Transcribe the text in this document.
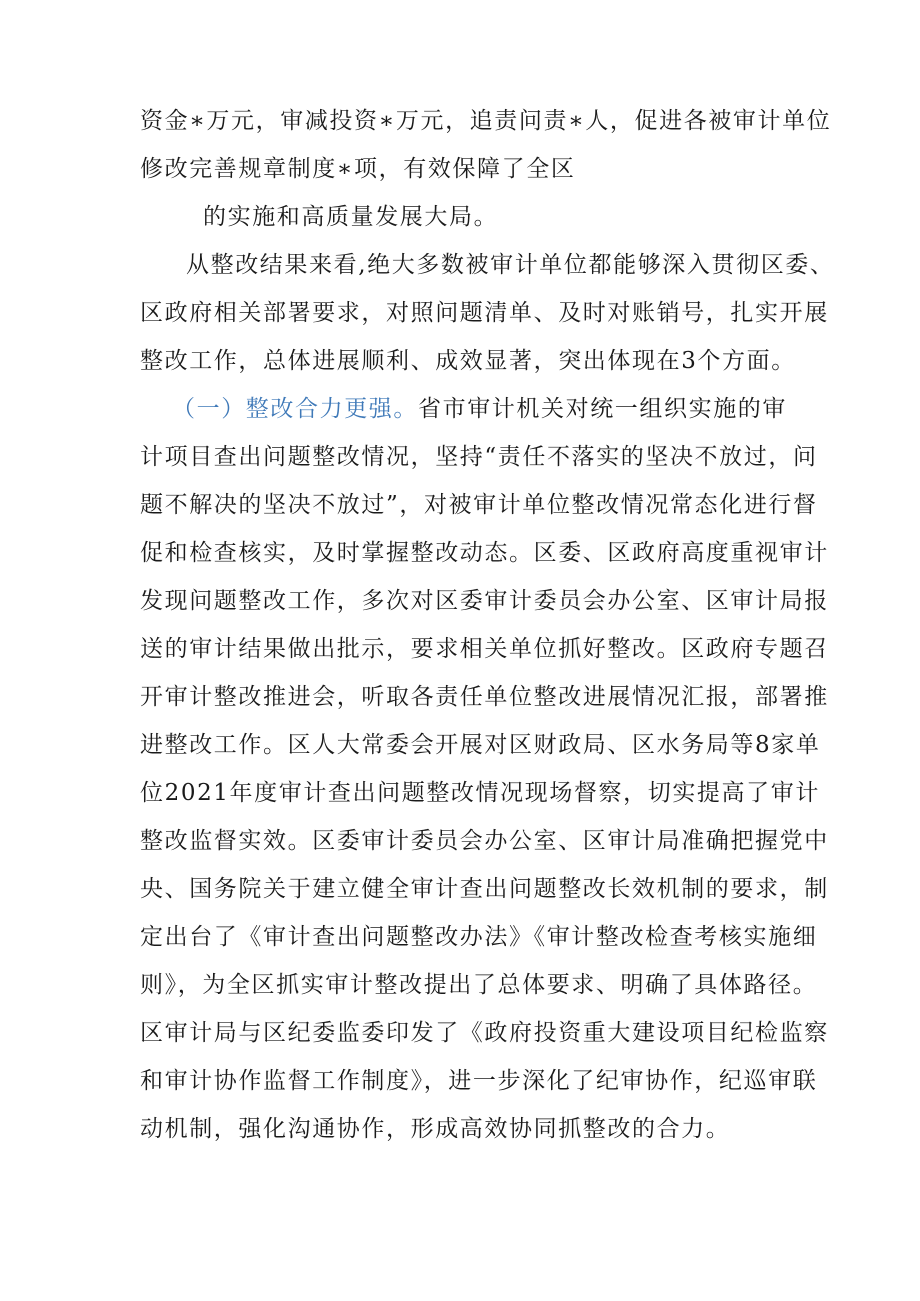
资金∗万元，审减投资∗万元，追责问责∗人，促进各被审计单位
修改完善规章制度∗项，有效保障了全区
的实施和高质量发展大局。
从整改结果来看,绝大多数被审计单位都能够深入贯彻区委、
区政府相关部署要求，对照问题清单、及时对账销号，扎实开展
整改工作，总体进展顺利、成效显著，突出体现在3个方面。
（一）整改合力更强。省市审计机关对统一组织实施的审
计项目查出问题整改情况，坚持“责任不落实的坚决不放过，问
题不解决的坚决不放过”，对被审计单位整改情况常态化进行督
促和检查核实，及时掌握整改动态。区委、区政府高度重视审计
发现问题整改工作，多次对区委审计委员会办公室、区审计局报
送的审计结果做出批示，要求相关单位抓好整改。区政府专题召
开审计整改推进会，听取各责任单位整改进展情况汇报，部署推
进整改工作。区人大常委会开展对区财政局、区水务局等8家单
位2021年度审计查出问题整改情况现场督察，切实提高了审计
整改监督实效。区委审计委员会办公室、区审计局准确把握党中
央、国务院关于建立健全审计查出问题整改长效机制的要求，制
定出台了《审计查出问题整改办法》《审计整改检查考核实施细
则》，为全区抓实审计整改提出了总体要求、明确了具体路径。
区审计局与区纪委监委印发了《政府投资重大建设项目纪检监察
和审计协作监督工作制度》，进一步深化了纪审协作，纪巡审联
动机制，强化沟通协作，形成高效协同抓整改的合力。
